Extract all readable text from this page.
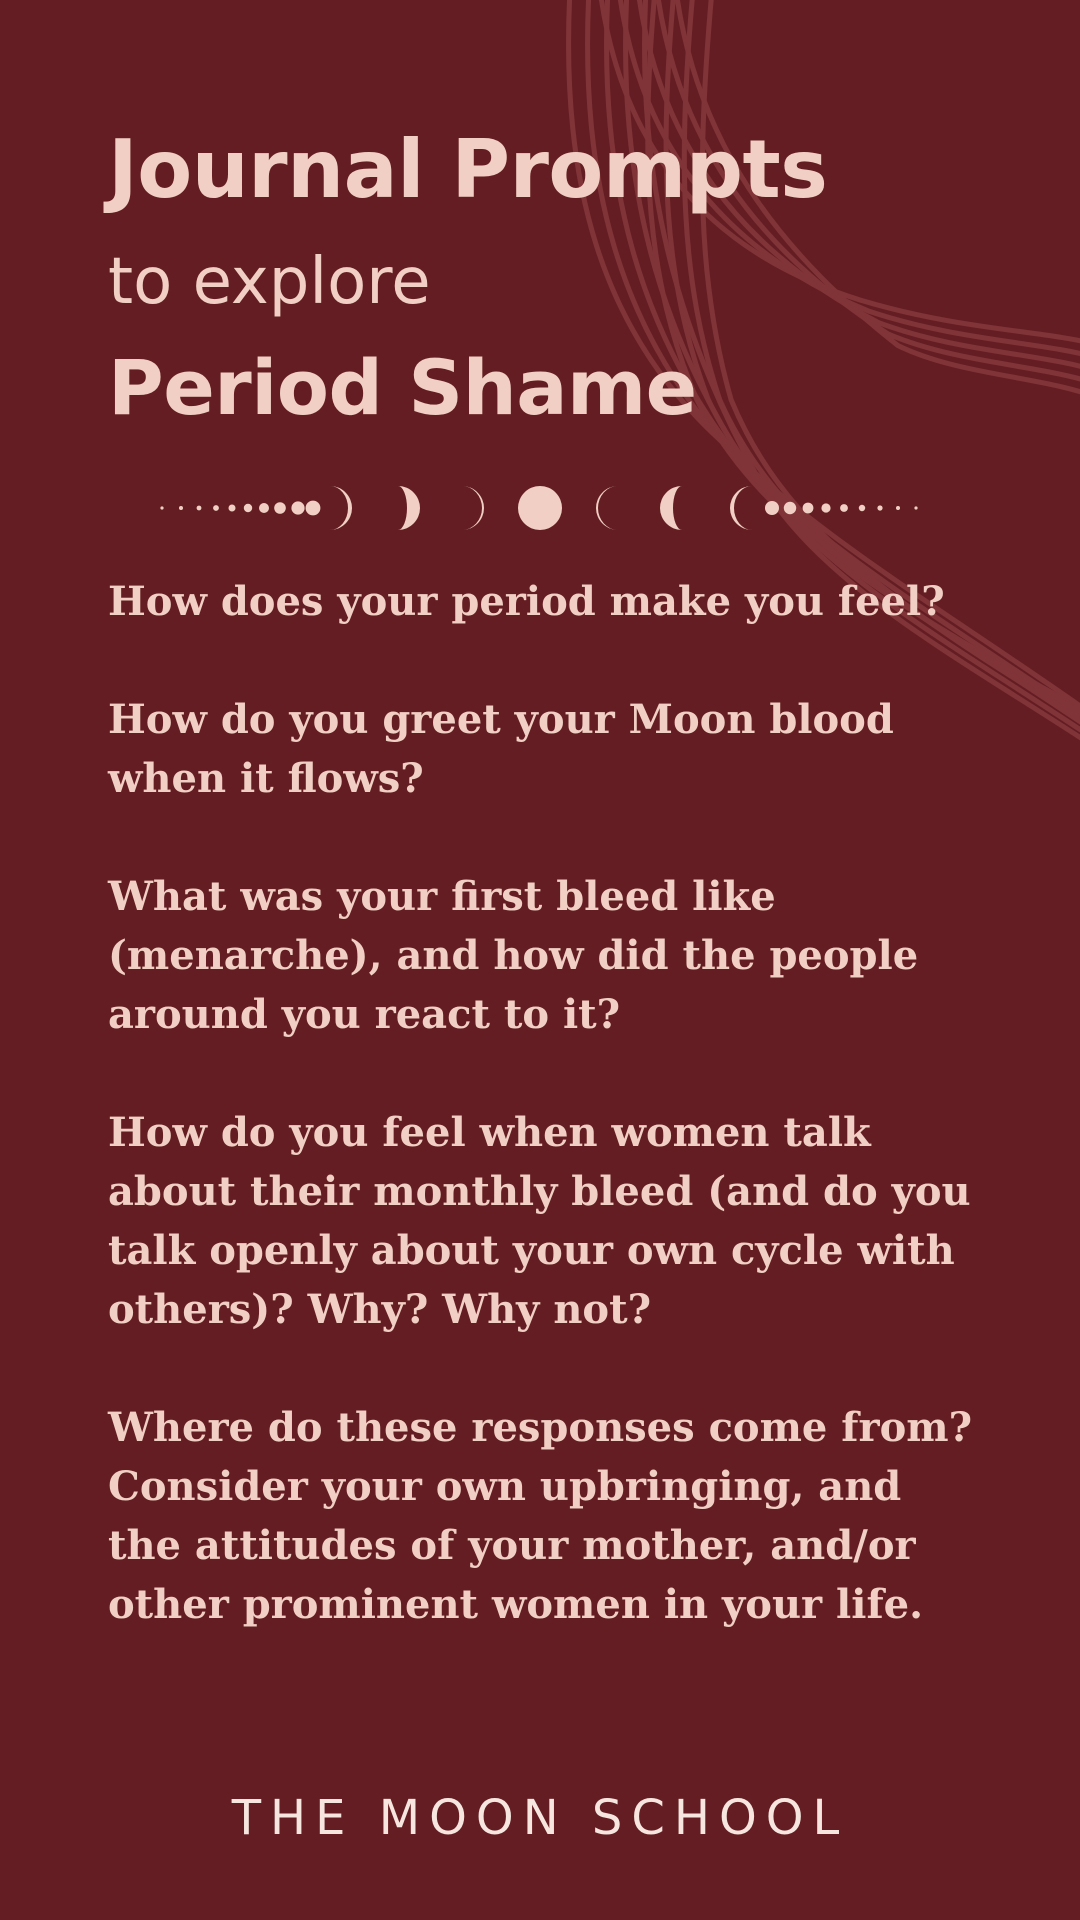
Journal Prompts
to explore
Period Shame
How does your period make you feel?
How do you greet your Moon blood when it flows?
What was your first bleed like (menarche), and how did the people around you react to it?
How do you feel when women talk about their monthly bleed (and do you talk openly about your own cycle with others)? Why? Why not?
Where do these responses come from? Consider your own upbringing, and the attitudes of your mother, and/or other prominent women in your life.
THE MOON SCHOOL
